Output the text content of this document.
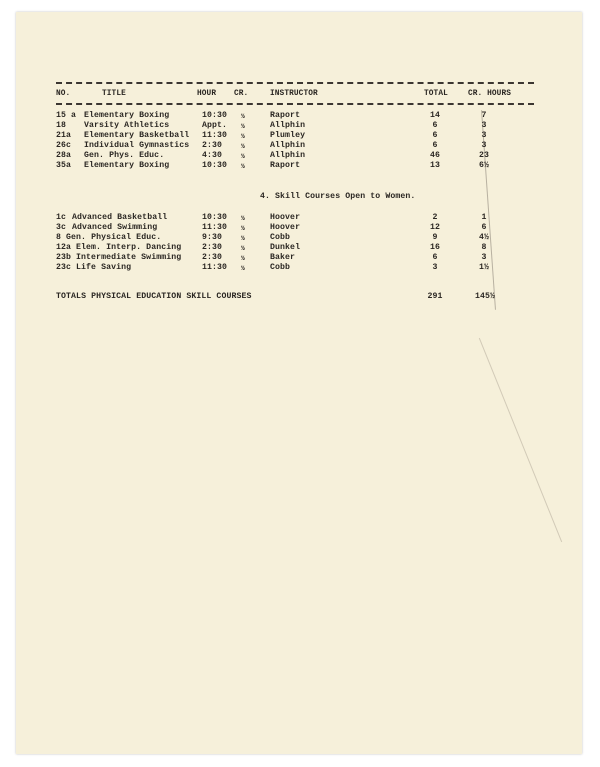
NO.	TITLE	HOUR CR.	INSTRUCTOR	TOTAL	CR. HOURS
15 a Elementary Boxing	10:30 ½	Raport	14	7
18 Varsity Athletics	Appt. ½	Allphin	6	3
21a Elementary Basketball 11:30 ½	Plumley	6	3
26c Individual Gymnastics 2:30	½	Allphin	6	3
28a Gen. Phys. Educ.	4:30	½	Allphin	46	23
35a Elementary Boxing	10:30 ½	Raport	13	6½
4. Skill Courses Open to Women.
1c Advanced Basketball	10:30 ½	Hoover	2	1
3c Advanced Swimming	11:30 ½	Hoover	12	6
8 Gen. Physical Educ.	9:30	½	Cobb	9	4½
12a Elem. Interp. Dancing	2:30	½	Dunkel	16	8
23b Intermediate Swimming	2:30	½	Baker	6	3
23c Life Saving	11:30 ½	Cobb	3	1½
TOTALS PHYSICAL EDUCATION SKILL COURSES	291	145½
